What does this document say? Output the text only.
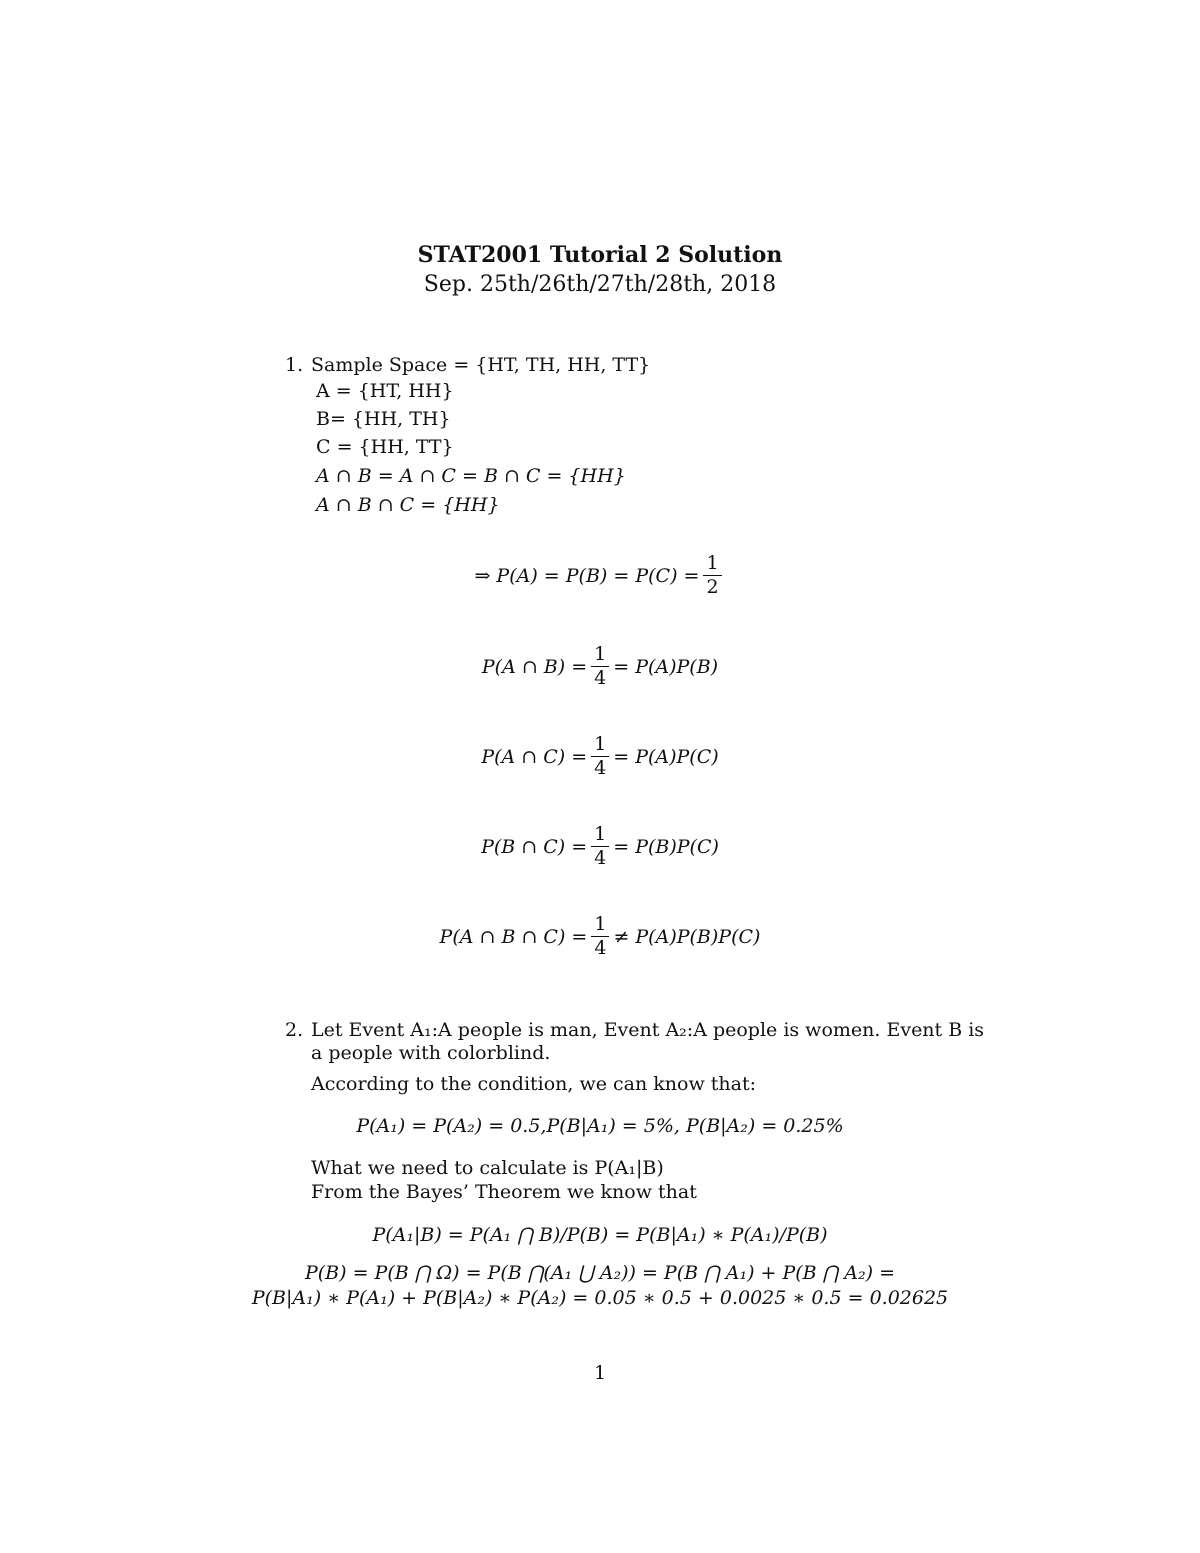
STAT2001 Tutorial 2 Solution
Sep. 25th/26th/27th/28th, 2018
1. Sample Space = {HT, TH, HH, TT}
A = {HT, HH}
B= {HH, TH}
C = {HH, TT}
A ∩ B = A ∩ C = B ∩ C = {HH}
A ∩ B ∩ C = {HH}
⇒ $P(A) = P(B) = P(C) = \frac{1}{2}$
P(A ∩ $B) = \frac{1}{4} = P(A)P(B)$
P(A ∩ $C) = \frac{1}{4} = P(A)P(C)$
P(B ∩ $C) = \frac{1}{4} = P(B)P(C)$
P(A ∩ B ∩ $C) = \frac{1}{4} \ne P(A)P(B)P(C)$
2. Let Event A₁:A people is man, Event A₂:A people is women. Event B is
a people with colorblind.
According to the condition, we can know that:
P(A₁) = P(A₂) = 0.5,P(B|A₁) = 5%, P(B|A₂) = 0.25%
What we need to calculate is P(A₁|B)
From the Bayes’ Theorem we know that
P(A₁|B) = P(A₁ ⋂ B)/P(B) = P(B|A₁) ∗ P(A₁)/P(B)
P(B) = P(B ⋂ Ω) = P(B ⋂(A₁ ⋃ A₂)) = P(B ⋂ A₁) + P(B ⋂ A₂) =
P(B|A₁) ∗ P(A₁) + P(B|A₂) ∗ P(A₂) = 0.05 ∗ 0.5 + 0.0025 ∗ 0.5 = 0.02625
1
